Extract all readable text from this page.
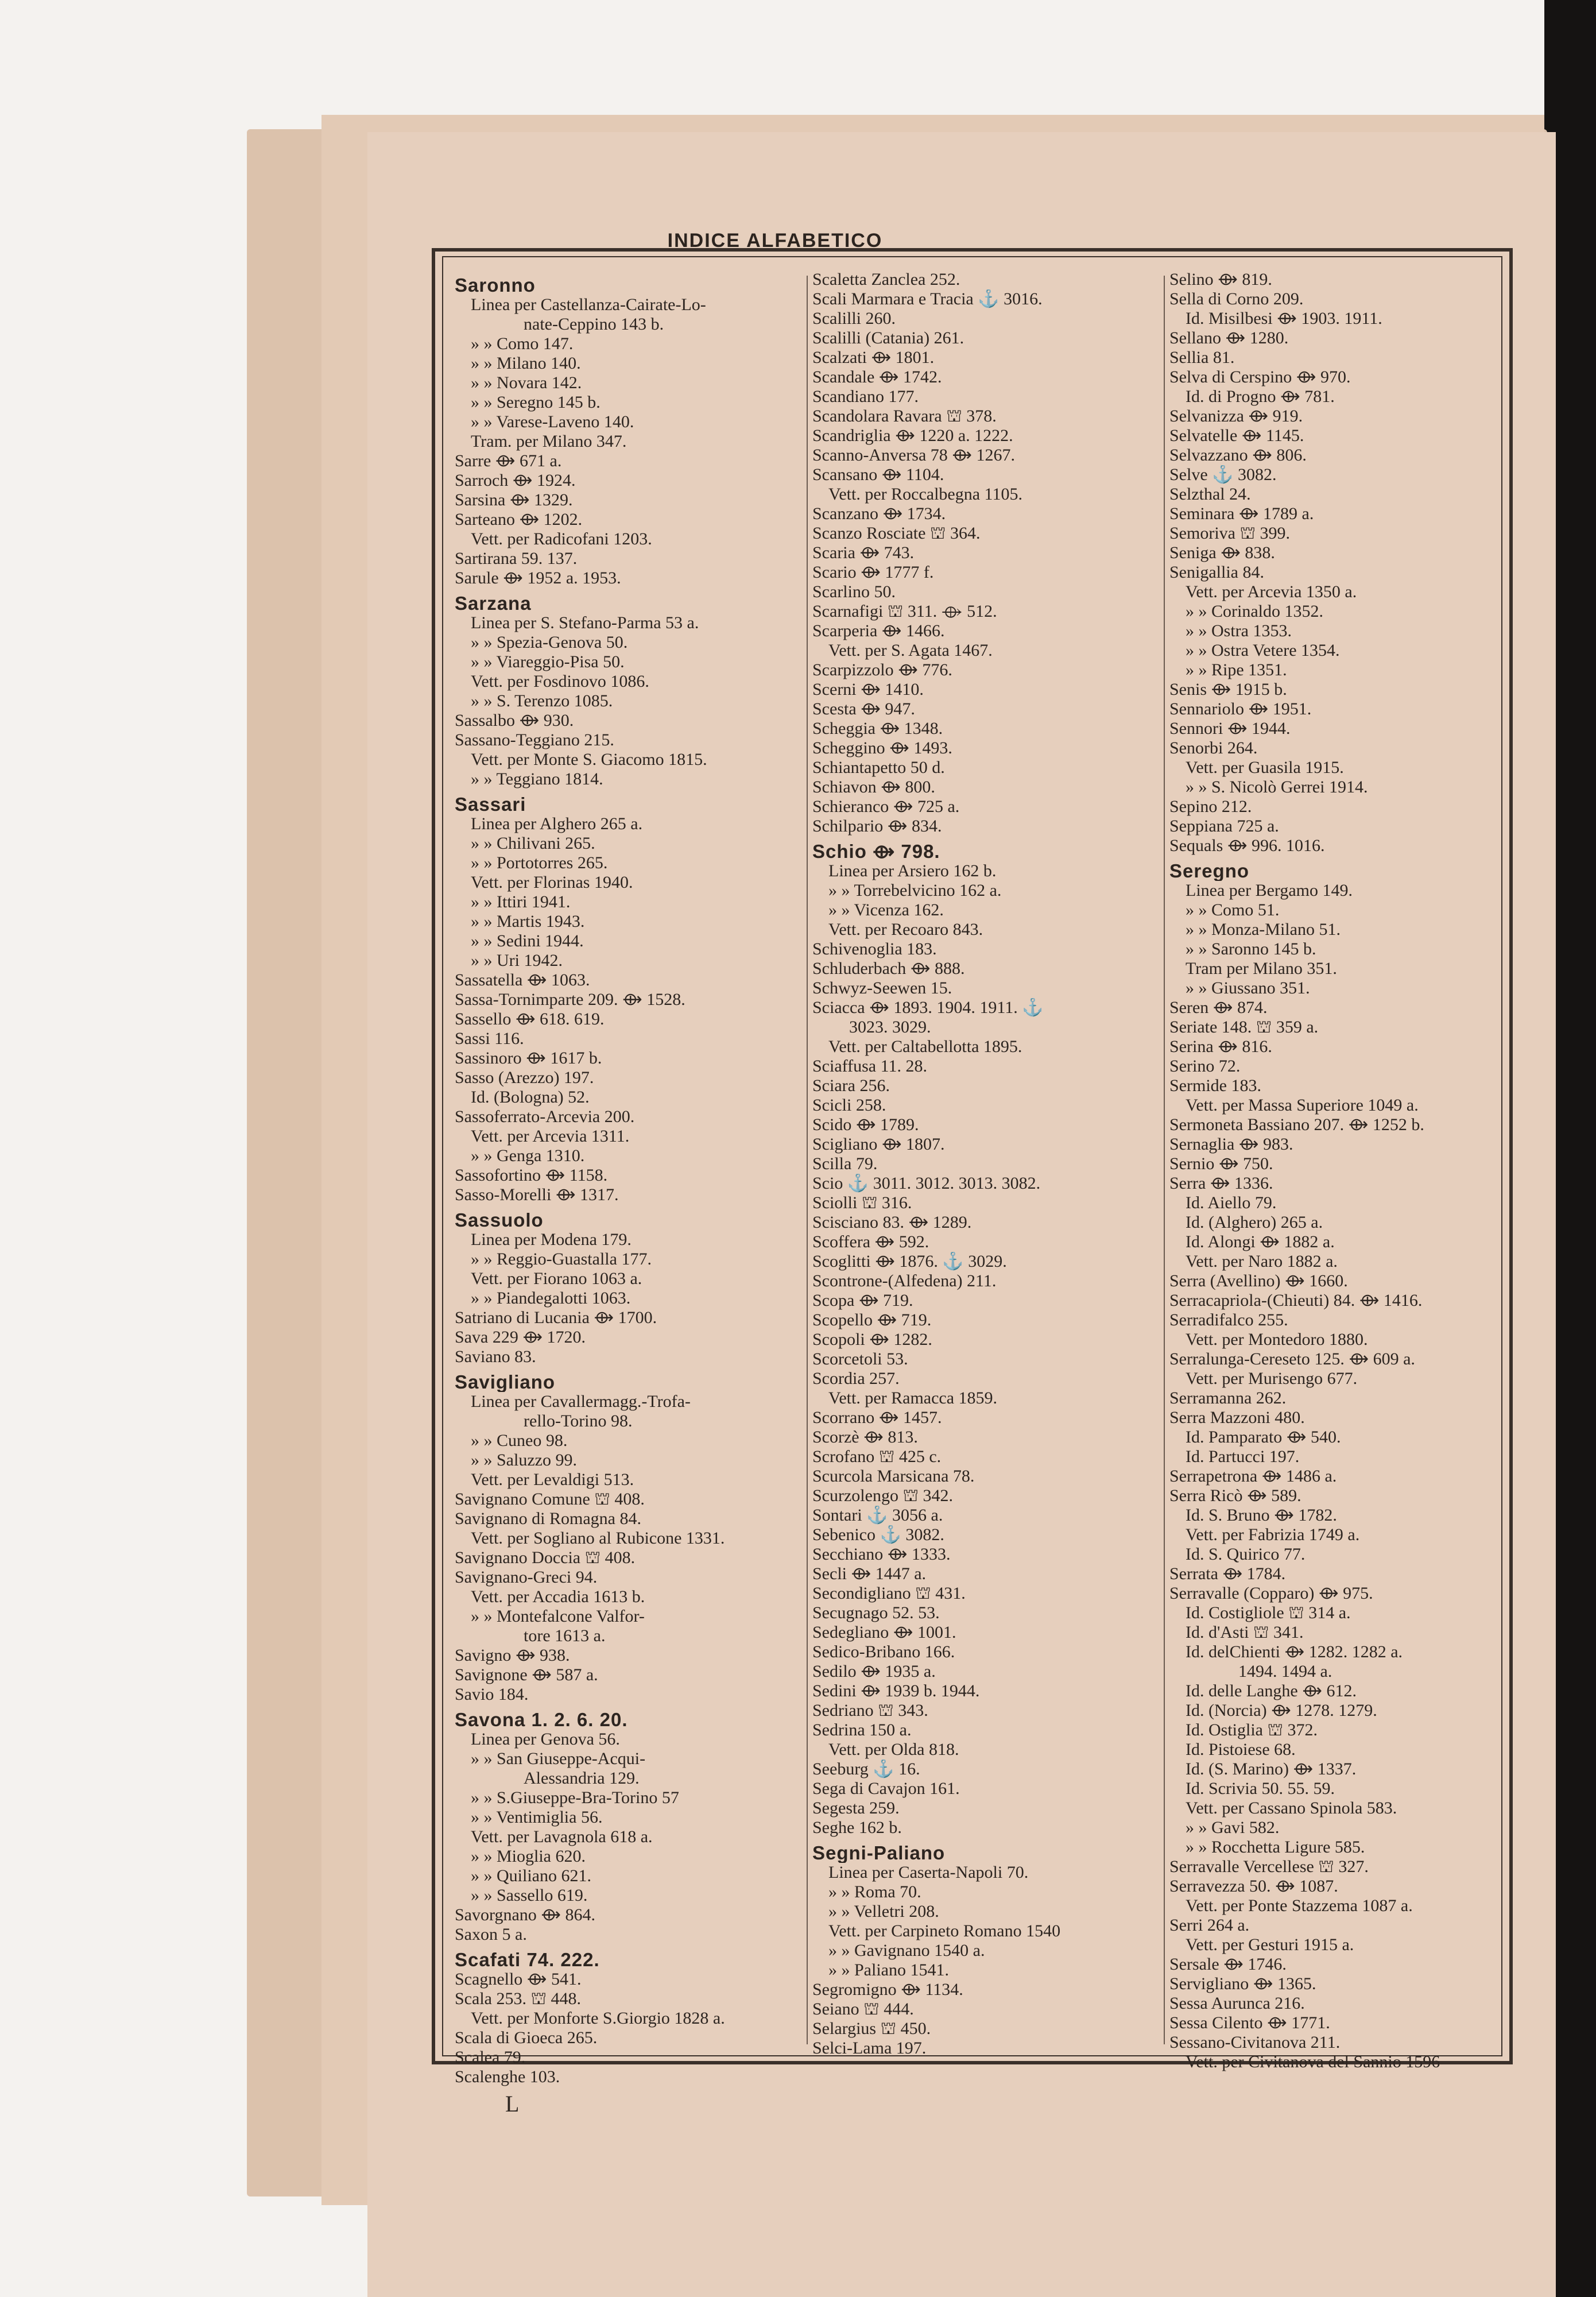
INDICE ALFABETICO
Saronno
Linea per Castellanza-Cairate-Lo-
nate-Ceppino 143 b.
» » Como 147.
» » Milano 140.
» » Novara 142.
» » Seregno 145 b.
» » Varese-Laveno 140.
Tram. per Milano 347.
Sarre ⟴ 671 a.
Sarroch ⟴ 1924.
Sarsina ⟴ 1329.
Sarteano ⟴ 1202.
Vett. per Radicofani 1203.
Sartirana 59. 137.
Sarule ⟴ 1952 a. 1953.
Sarzana
Linea per S. Stefano-Parma 53 a.
» » Spezia-Genova 50.
» » Viareggio-Pisa 50.
Vett. per Fosdinovo 1086.
» » S. Terenzo 1085.
Sassalbo ⟴ 930.
Sassano-Teggiano 215.
Vett. per Monte S. Giacomo 1815.
» » Teggiano 1814.
Sassari
Linea per Alghero 265 a.
» » Chilivani 265.
» » Portotorres 265.
Vett. per Florinas 1940.
» » Ittiri 1941.
» » Martis 1943.
» » Sedini 1944.
» » Uri 1942.
Sassatella ⟴ 1063.
Sassa-Tornimparte 209. ⟴ 1528.
Sassello ⟴ 618. 619.
Sassi 116.
Sassinoro ⟴ 1617 b.
Sasso (Arezzo) 197.
Id. (Bologna) 52.
Sassoferrato-Arcevia 200.
Vett. per Arcevia 1311.
» » Genga 1310.
Sassofortino ⟴ 1158.
Sasso-Morelli ⟴ 1317.
Sassuolo
Linea per Modena 179.
» » Reggio-Guastalla 177.
Vett. per Fiorano 1063 a.
» » Piandegalotti 1063.
Satriano di Lucania ⟴ 1700.
Sava 229 ⟴ 1720.
Saviano 83.
Savigliano
Linea per Cavallermagg.-Trofa-
rello-Torino 98.
» » Cuneo 98.
» » Saluzzo 99.
Vett. per Levaldigi 513.
Savignano Comune ⛫ 408.
Savignano di Romagna 84.
Vett. per Sogliano al Rubicone 1331.
Savignano Doccia ⛫ 408.
Savignano-Greci 94.
Vett. per Accadia 1613 b.
» » Montefalcone Valfor-
tore 1613 a.
Savigno ⟴ 938.
Savignone ⟴ 587 a.
Savio 184.
Savona 1. 2. 6. 20.
Linea per Genova 56.
» » San Giuseppe-Acqui-
Alessandria 129.
» » S.Giuseppe-Bra-Torino 57
» » Ventimiglia 56.
Vett. per Lavagnola 618 a.
» » Mioglia 620.
» » Quiliano 621.
» » Sassello 619.
Savorgnano ⟴ 864.
Saxon 5 a.
Scafati 74. 222.
Scagnello ⟴ 541.
Scala 253. ⛫ 448.
Vett. per Monforte S.Giorgio 1828 a.
Scala di Gioeca 265.
Scalea 79.
Scalenghe 103.
Scaletta Zanclea 252.
Scali Marmara e Tracia ⚓ 3016.
Scalilli 260.
Scalilli (Catania) 261.
Scalzati ⟴ 1801.
Scandale ⟴ 1742.
Scandiano 177.
Scandolara Ravara ⛫ 378.
Scandriglia ⟴ 1220 a. 1222.
Scanno-Anversa 78 ⟴ 1267.
Scansano ⟴ 1104.
Vett. per Roccalbegna 1105.
Scanzano ⟴ 1734.
Scanzo Rosciate ⛫ 364.
Scaria ⟴ 743.
Scario ⟴ 1777 f.
Scarlino 50.
Scarnafigi ⛫ 311. ⟴ 512.
Scarperia ⟴ 1466.
Vett. per S. Agata 1467.
Scarpizzolo ⟴ 776.
Scerni ⟴ 1410.
Scesta ⟴ 947.
Scheggia ⟴ 1348.
Scheggino ⟴ 1493.
Schiantapetto 50 d.
Schiavon ⟴ 800.
Schieranco ⟴ 725 a.
Schilpario ⟴ 834.
Schio ⟴ 798.
Linea per Arsiero 162 b.
» » Torrebelvicino 162 a.
» » Vicenza 162.
Vett. per Recoaro 843.
Schivenoglia 183.
Schluderbach ⟴ 888.
Schwyz-Seewen 15.
Sciacca ⟴ 1893. 1904. 1911. ⚓
3023. 3029.
Vett. per Caltabellotta 1895.
Sciaffusa 11. 28.
Sciara 256.
Scicli 258.
Scido ⟴ 1789.
Scigliano ⟴ 1807.
Scilla 79.
Scio ⚓ 3011. 3012. 3013. 3082.
Sciolli ⛫ 316.
Scisciano 83. ⟴ 1289.
Scoffera ⟴ 592.
Scoglitti ⟴ 1876. ⚓ 3029.
Scontrone-(Alfedena) 211.
Scopa ⟴ 719.
Scopello ⟴ 719.
Scopoli ⟴ 1282.
Scorcetoli 53.
Scordia 257.
Vett. per Ramacca 1859.
Scorrano ⟴ 1457.
Scorzè ⟴ 813.
Scrofano ⛫ 425 c.
Scurcola Marsicana 78.
Scurzolengo ⛫ 342.
Sontari ⚓ 3056 a.
Sebenico ⚓ 3082.
Secchiano ⟴ 1333.
Secli ⟴ 1447 a.
Secondigliano ⛫ 431.
Secugnago 52. 53.
Sedegliano ⟴ 1001.
Sedico-Bribano 166.
Sedilo ⟴ 1935 a.
Sedini ⟴ 1939 b. 1944.
Sedriano ⛫ 343.
Sedrina 150 a.
Vett. per Olda 818.
Seeburg ⚓ 16.
Sega di Cavajon 161.
Segesta 259.
Seghe 162 b.
Segni-Paliano
Linea per Caserta-Napoli 70.
» » Roma 70.
» » Velletri 208.
Vett. per Carpineto Romano 1540
» » Gavignano 1540 a.
» » Paliano 1541.
Segromigno ⟴ 1134.
Seiano ⛫ 444.
Selargius ⛫ 450.
Selci-Lama 197.
Selino ⟴ 819.
Sella di Corno 209.
Id. Misilbesi ⟴ 1903. 1911.
Sellano ⟴ 1280.
Sellia 81.
Selva di Cerspino ⟴ 970.
Id. di Progno ⟴ 781.
Selvanizza ⟴ 919.
Selvatelle ⟴ 1145.
Selvazzano ⟴ 806.
Selve ⚓ 3082.
Selzthal 24.
Seminara ⟴ 1789 a.
Semoriva ⛫ 399.
Seniga ⟴ 838.
Senigallia 84.
Vett. per Arcevia 1350 a.
» » Corinaldo 1352.
» » Ostra 1353.
» » Ostra Vetere 1354.
» » Ripe 1351.
Senis ⟴ 1915 b.
Sennariolo ⟴ 1951.
Sennori ⟴ 1944.
Senorbi 264.
Vett. per Guasila 1915.
» » S. Nicolò Gerrei 1914.
Sepino 212.
Seppiana 725 a.
Sequals ⟴ 996. 1016.
Seregno
Linea per Bergamo 149.
» » Como 51.
» » Monza-Milano 51.
» » Saronno 145 b.
Tram per Milano 351.
» » Giussano 351.
Seren ⟴ 874.
Seriate 148. ⛫ 359 a.
Serina ⟴ 816.
Serino 72.
Sermide 183.
Vett. per Massa Superiore 1049 a.
Sermoneta Bassiano 207. ⟴ 1252 b.
Sernaglia ⟴ 983.
Sernio ⟴ 750.
Serra ⟴ 1336.
Id. Aiello 79.
Id. (Alghero) 265 a.
Id. Alongi ⟴ 1882 a.
Vett. per Naro 1882 a.
Serra (Avellino) ⟴ 1660.
Serracapriola-(Chieuti) 84. ⟴ 1416.
Serradifalco 255.
Vett. per Montedoro 1880.
Serralunga-Cereseto 125. ⟴ 609 a.
Vett. per Murisengo 677.
Serramanna 262.
Serra Mazzoni 480.
Id. Pamparato ⟴ 540.
Id. Partucci 197.
Serrapetrona ⟴ 1486 a.
Serra Ricò ⟴ 589.
Id. S. Bruno ⟴ 1782.
Vett. per Fabrizia 1749 a.
Id. S. Quirico 77.
Serrata ⟴ 1784.
Serravalle (Copparo) ⟴ 975.
Id. Costigliole ⛫ 314 a.
Id. d'Asti ⛫ 341.
Id. delChienti ⟴ 1282. 1282 a.
1494. 1494 a.
Id. delle Langhe ⟴ 612.
Id. (Norcia) ⟴ 1278. 1279.
Id. Ostiglia ⛫ 372.
Id. Pistoiese 68.
Id. (S. Marino) ⟴ 1337.
Id. Scrivia 50. 55. 59.
Vett. per Cassano Spinola 583.
» » Gavi 582.
» » Rocchetta Ligure 585.
Serravalle Vercellese ⛫ 327.
Serravezza 50. ⟴ 1087.
Vett. per Ponte Stazzema 1087 a.
Serri 264 a.
Vett. per Gesturi 1915 a.
Sersale ⟴ 1746.
Servigliano ⟴ 1365.
Sessa Aurunca 216.
Sessa Cilento ⟴ 1771.
Sessano-Civitanova 211.
Vett. per Civitanova del Sannio 1596
L
